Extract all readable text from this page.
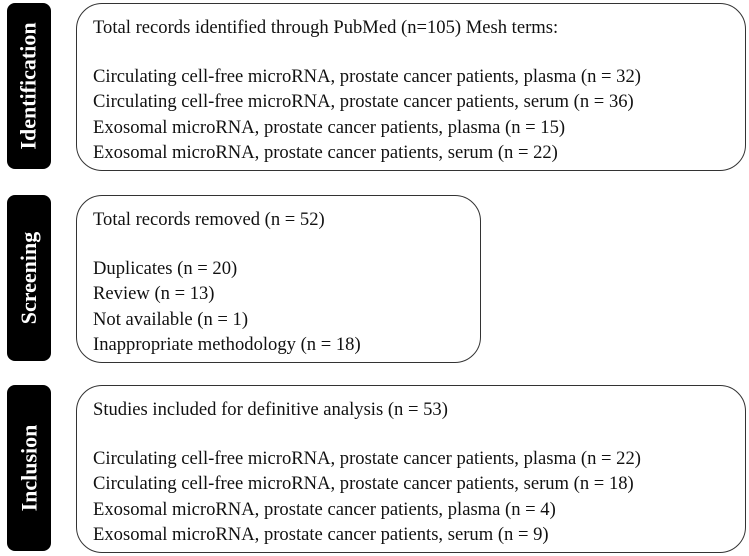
Identification	Total records identified through PubMed (n=105) Mesh terms:
Circulating cell-free microRNA, prostate cancer patients, plasma (n = 32)
Circulating cell-free microRNA, prostate cancer patients, serum (n = 36)
Exosomal microRNA, prostate cancer patients, plasma (n = 15)
Exosomal microRNA, prostate cancer patients, serum (n = 22)
Screening
Total records removed (n = 52)
Duplicates (n = 20)
Review (n = 13)
Not available (n = 1)
Inappropriate methodology (n = 18)
Inclusion
Studies included for definitive analysis (n = 53)
Circulating cell-free microRNA, prostate cancer patients, plasma (n = 22)
Circulating cell-free microRNA, prostate cancer patients, serum (n = 18)
Exosomal microRNA, prostate cancer patients, plasma (n = 4)
Exosomal microRNA, prostate cancer patients, serum (n = 9)
